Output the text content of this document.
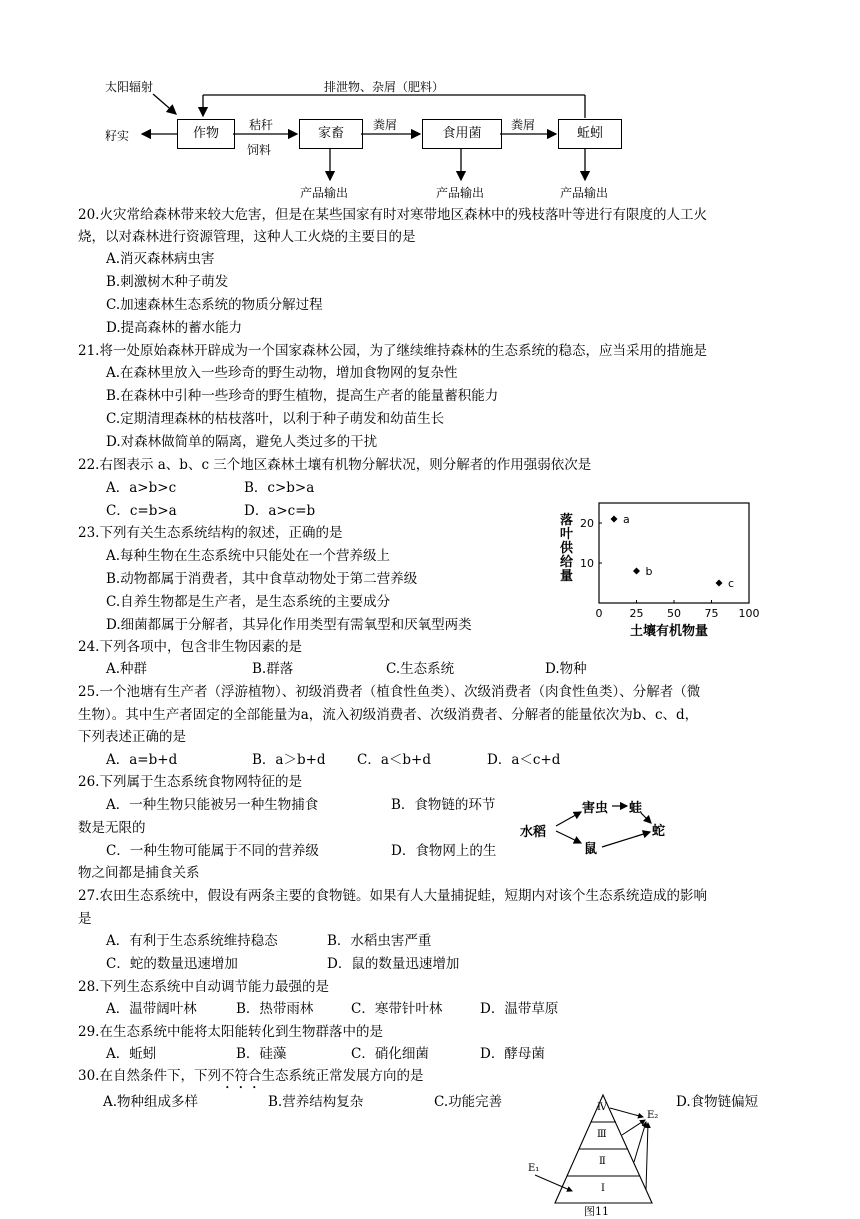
太阳辐射	排泄物、杂屑（肥料）
籽实	作物
秸秆
饲料
家畜
粪屑
食用菌
粪屑
蚯蚓
产品输出	产品输出	产品输出
20.火灾常给森林带来较大危害，但是在某些国家有时对寒带地区森林中的残枝落叶等进行有限度的人工火
烧，以对森林进行资源管理，这种人工火烧的主要目的是
A.消灭森林病虫害
B.刺激树木种子萌发
C.加速森林生态系统的物质分解过程
D.提高森林的蓄水能力
21.将一处原始森林开辟成为一个国家森林公园，为了继续维持森林的生态系统的稳态，应当采用的措施是
A.在森林里放入一些珍奇的野生动物，增加食物网的复杂性
B.在森林中引种一些珍奇的野生植物，提高生产者的能量蓄积能力
C.定期清理森林的枯枝落叶，以利于种子萌发和幼苗生长
D.对森林做简单的隔离，避免人类过多的干扰
22.右图表示 a、b、c 三个地区森林土壤有机物分解状况，则分解者的作用强弱依次是
A．a>b>c	B．c>b>a
C．c=b>a	D．a>c=b
落叶供给量
0 25 50 75 100
10
20	a
b
c
土壤有机物量
23.下列有关生态系统结构的叙述，正确的是
A.每种生物在生态系统中只能处在一个营养级上
B.动物都属于消费者，其中食草动物处于第二营养级
C.自养生物都是生产者，是生态系统的主要成分
D.细菌都属于分解者，其异化作用类型有需氧型和厌氧型两类
24.下列各项中，包含非生物因素的是
A.种群	B.群落	C.生态系统	D.物种
25.一个池塘有生产者（浮游植物）、初级消费者（植食性鱼类）、次级消费者（肉食性鱼类）、分解者（微
生物）。其中生产者固定的全部能量为a，流入初级消费者、次级消费者、分解者的能量依次为b、c、d，
下列表述正确的是
A．a=b+d	B．a＞b+d C．a＜b+d	D．a＜c+d
26.下列属于生态系统食物网特征的是
A．一种生物只能被另一种生物捕食	B．食物链的环节
数是无限的
C．一种生物可能属于不同的营养级	D．食物网上的生
物之间都是捕食关系
水稻
害虫 蛙
鼠
蛇
27.农田生态系统中，假设有两条主要的食物链。如果有人大量捕捉蛙，短期内对该个生态系统造成的影响
是
A．有利于生态系统维持稳态	B．水稻虫害严重
C．蛇的数量迅速增加	D．鼠的数量迅速增加
28.下列生态系统中自动调节能力最强的是
A．温带阔叶林	B．热带雨林	C．寒带针叶林	D．温带草原
29.在生态系统中能将太阳能转化到生物群落中的是
A．蚯蚓	B．硅藻	C．硝化细菌	D．酵母菌
30.在自然条件下，下列不符合生态系统正常发展方向的是
A.物种组成多样	B.营养结构复杂	C.功能完善	D.食物链偏短
Ⅳ
Ⅲ
Ⅱ
Ⅰ
E₁
E₂
图11
